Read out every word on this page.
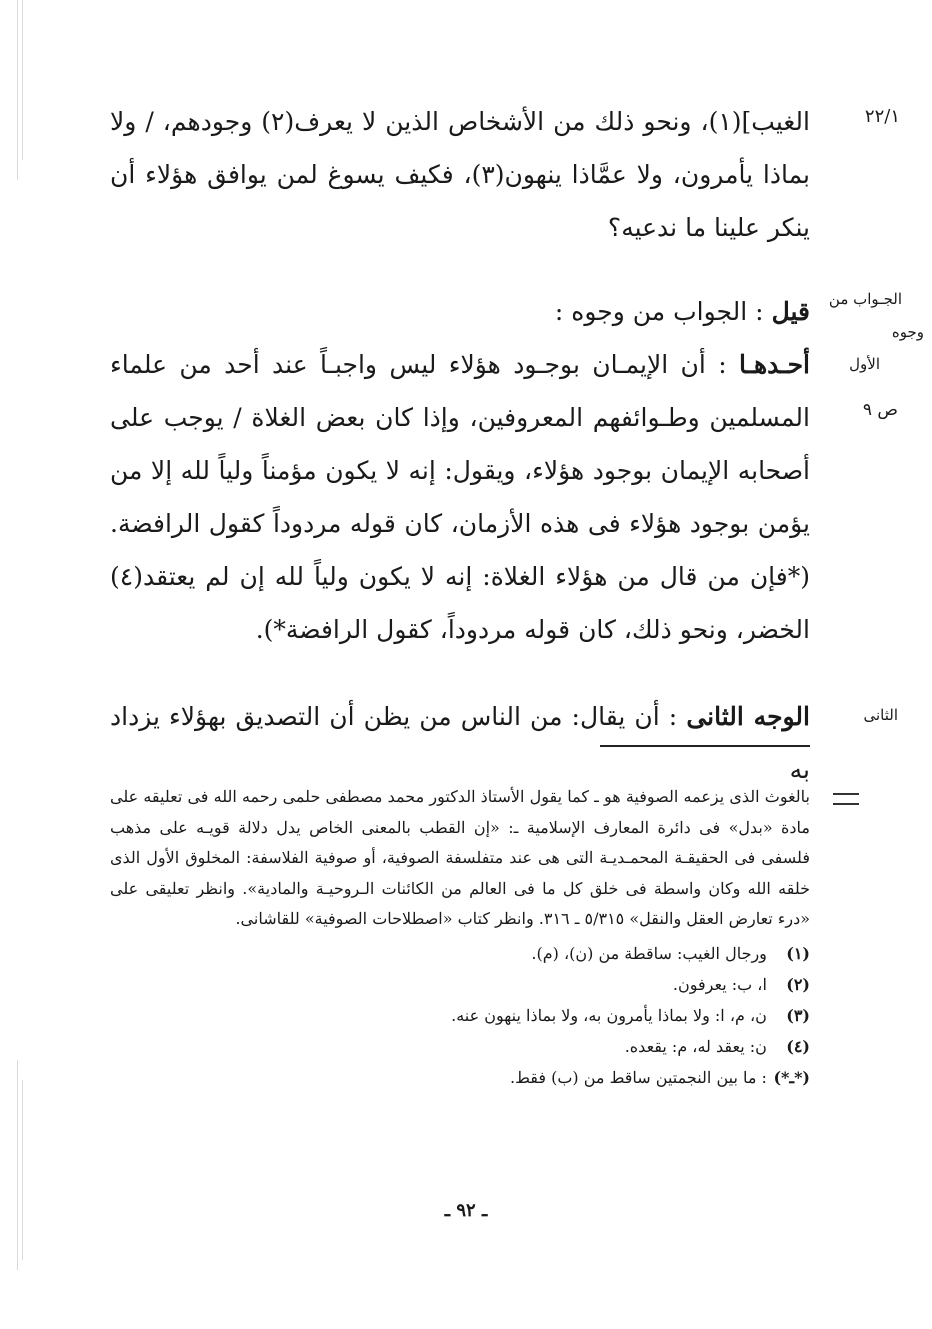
٢٢/١
الجـواب من
وجوه
الأول
ص ٩
الثانى

الغيب](١)، ونحو ذلك من الأشخاص الذين لا يعرف(٢) وجودهم، / ولا بماذا يأمرون، ولا عمَّاذا ينهون(٣)، فكيف يسوغ لمن يوافق هؤلاء أن ينكر علينا ما ندعيه؟

قيل : الجواب من وجوه :

أحـدهـا : أن الإيمـان بوجـود هؤلاء ليس واجبـاً عند أحد من علماء المسلمين وطـوائفهم المعروفين، وإذا كان بعض الغلاة / يوجب على أصحابه الإيمان بوجود هؤلاء، ويقول: إنه لا يكون مؤمناً ولياً لله إلا من يؤمن بوجود هؤلاء فى هذه الأزمان، كان قوله مردوداً كقول الرافضة. (*فإن من قال من هؤلاء الغلاة: إنه لا يكون ولياً لله إن لم يعتقد(٤) الخضر، ونحو ذلك، كان قوله مردوداً، كقول الرافضة*).

الوجه الثانى : أن يقال: من الناس من يظن أن التصديق بهؤلاء يزداد به

بالغوث الذى يزعمه الصوفية هو ـ كما يقول الأستاذ الدكتور محمد مصطفى حلمى رحمه الله فى تعليقه على مادة «بدل» فى دائرة المعارف الإسلامية ـ: «إن القطب بالمعنى الخاص يدل دلالة قويـه على مذهب فلسفى فى الحقيقـة المحمـديـة التى هى عند متفلسفة الصوفية، أو صوفية الفلاسفة: المخلوق الأول الذى خلقه الله وكان واسطة فى خلق كل ما فى العالم من الكائنات الـروحيـة والمادية». وانظر تعليقى على «درء تعارض العقل والنقل» ٥/٣١٥ ـ ٣١٦. وانظر كتاب «اصطلاحات الصوفية» للقاشانى.

(١) ورجال الغيب: ساقطة من (ن)، (م).
(٢) ا، ب: يعرفون.
(٣) ن، م، ا: ولا بماذا يأمرون به، ولا بماذا ينهون عنه.
(٤) ن: يعقد له، م: يقعده.
(*ـ*) : ما بين النجمتين ساقط من (ب) فقط.
ـ ٩٢ ـ
